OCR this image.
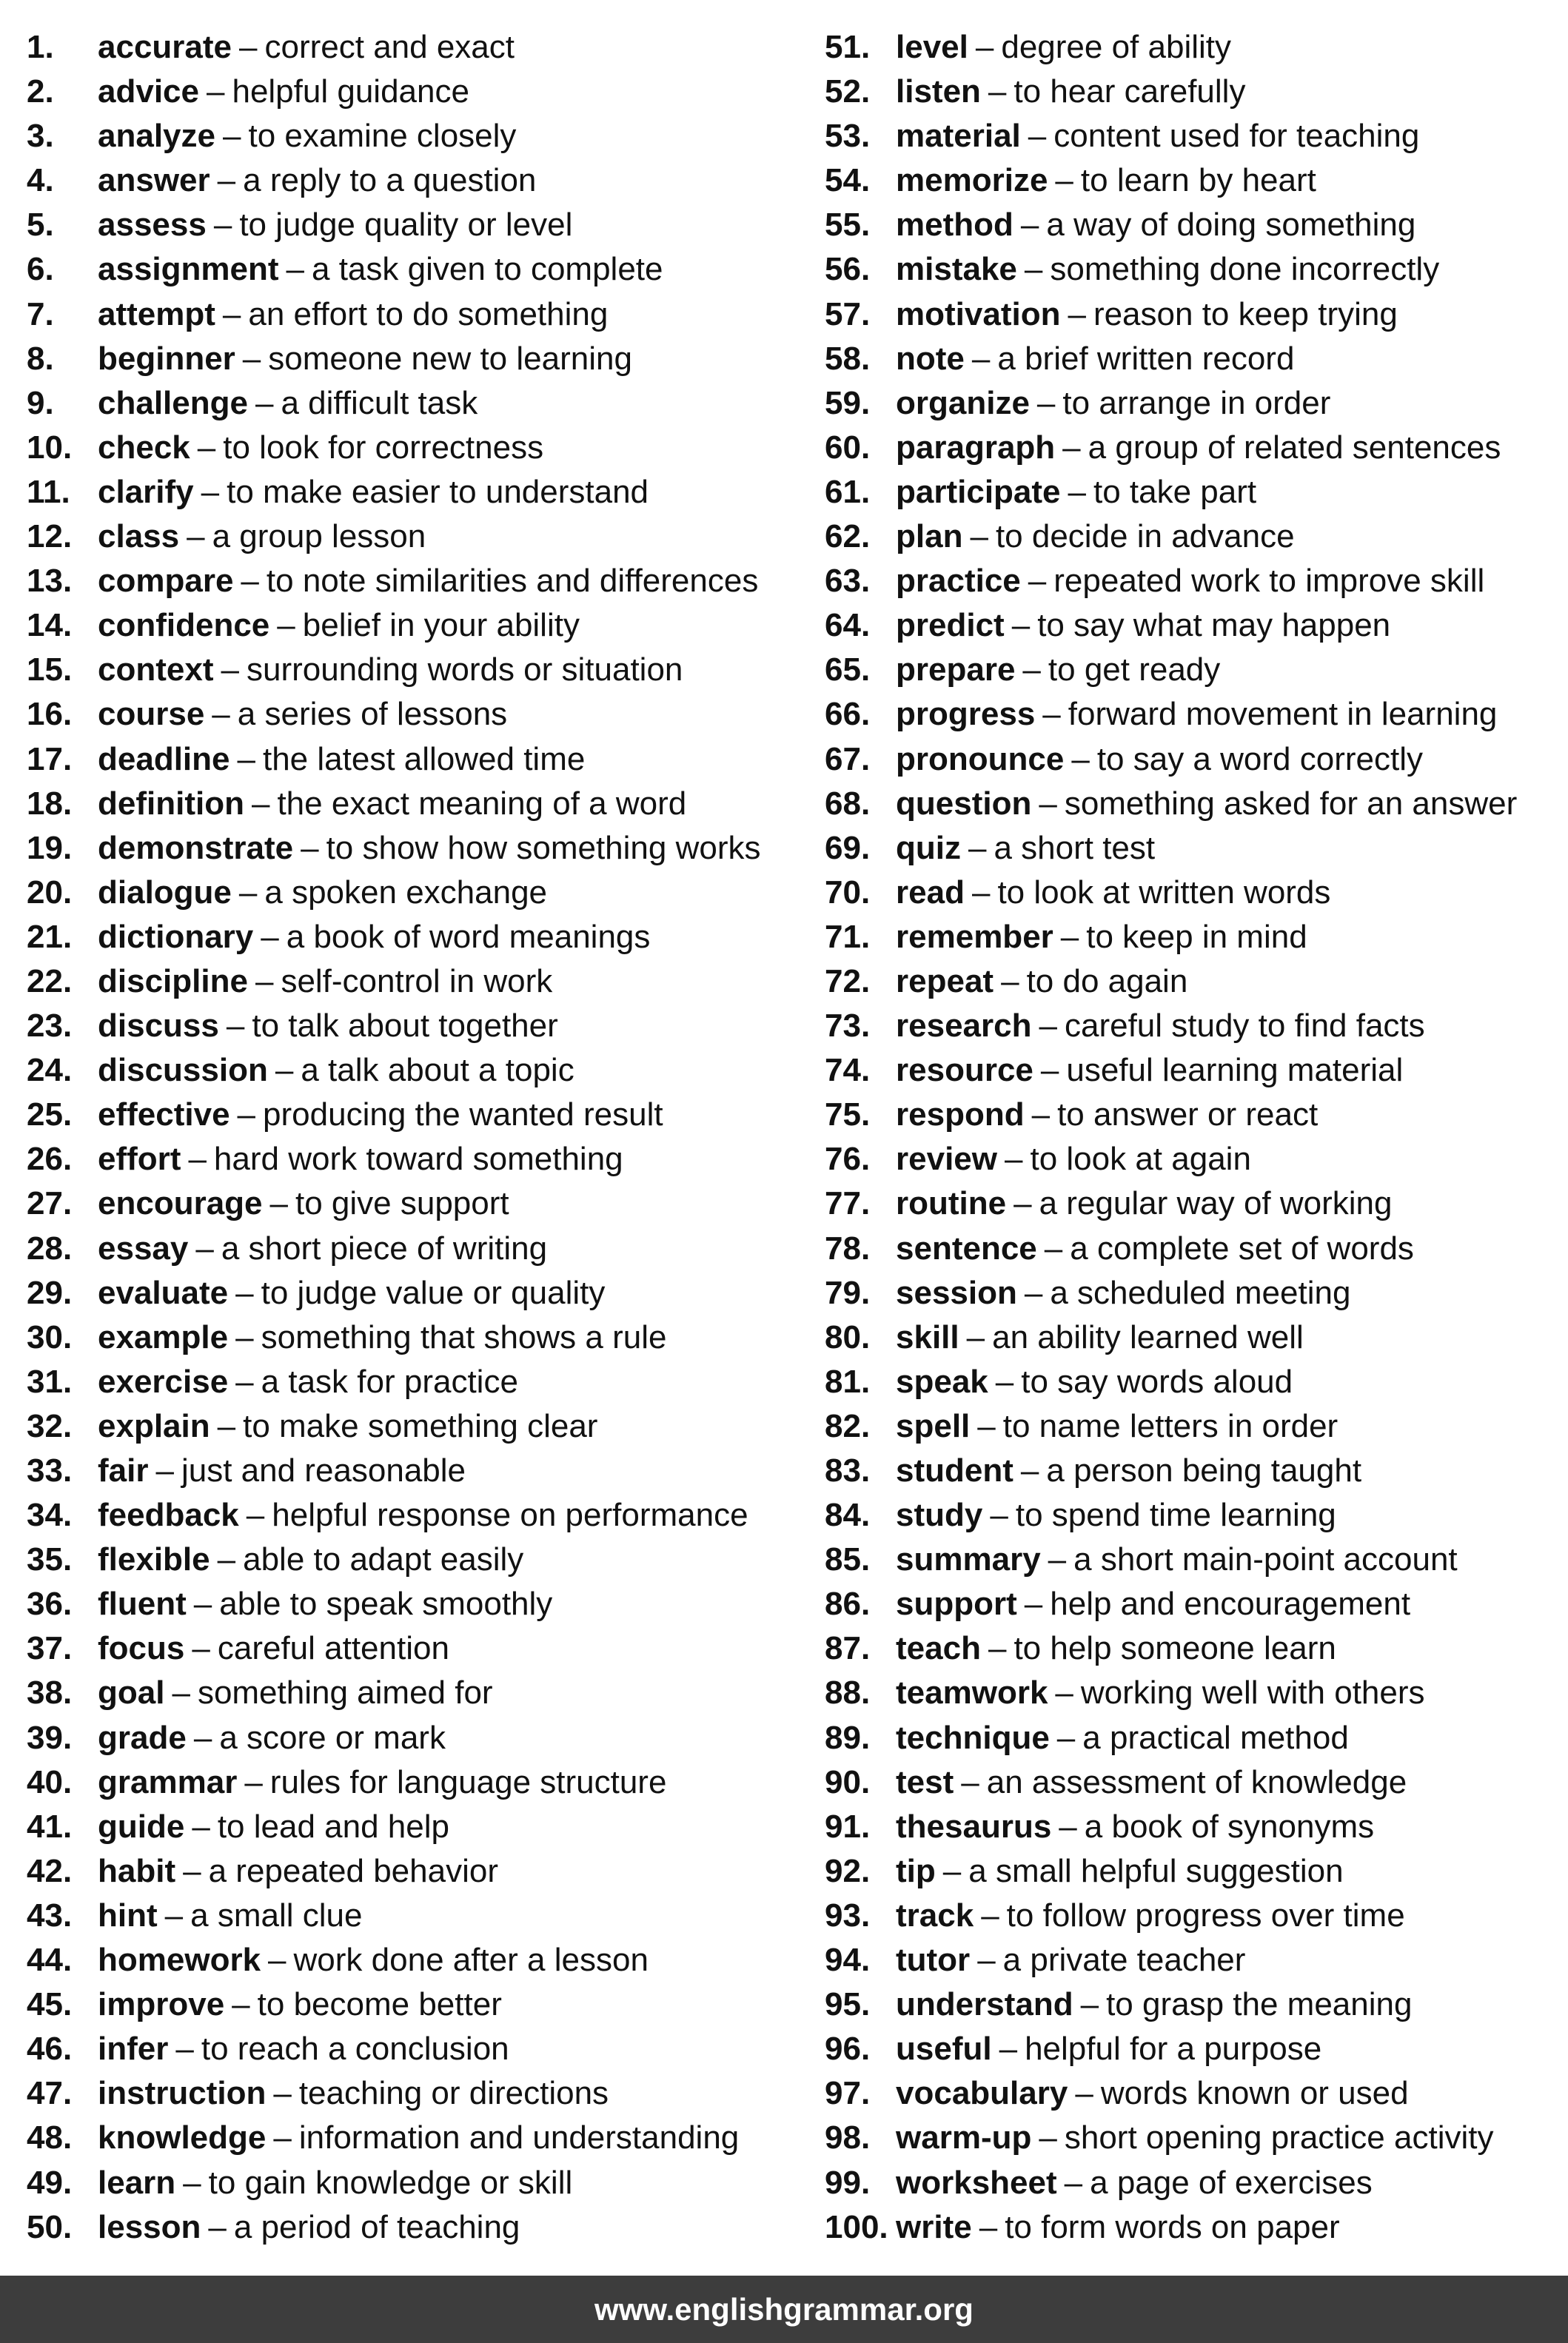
1. accurate – correct and exact
2. advice – helpful guidance
3. analyze – to examine closely
4. answer – a reply to a question
5. assess – to judge quality or level
6. assignment – a task given to complete
7. attempt – an effort to do something
8. beginner – someone new to learning
9. challenge – a difficult task
10. check – to look for correctness
11. clarify – to make easier to understand
12. class – a group lesson
13. compare – to note similarities and differences
14. confidence – belief in your ability
15. context – surrounding words or situation
16. course – a series of lessons
17. deadline – the latest allowed time
18. definition – the exact meaning of a word
19. demonstrate – to show how something works
20. dialogue – a spoken exchange
21. dictionary – a book of word meanings
22. discipline – self-control in work
23. discuss – to talk about together
24. discussion – a talk about a topic
25. effective – producing the wanted result
26. effort – hard work toward something
27. encourage – to give support
28. essay – a short piece of writing
29. evaluate – to judge value or quality
30. example – something that shows a rule
31. exercise – a task for practice
32. explain – to make something clear
33. fair – just and reasonable
34. feedback – helpful response on performance
35. flexible – able to adapt easily
36. fluent – able to speak smoothly
37. focus – careful attention
38. goal – something aimed for
39. grade – a score or mark
40. grammar – rules for language structure
41. guide – to lead and help
42. habit – a repeated behavior
43. hint – a small clue
44. homework – work done after a lesson
45. improve – to become better
46. infer – to reach a conclusion
47. instruction – teaching or directions
48. knowledge – information and understanding
49. learn – to gain knowledge or skill
50. lesson – a period of teaching
51. level – degree of ability
52. listen – to hear carefully
53. material – content used for teaching
54. memorize – to learn by heart
55. method – a way of doing something
56. mistake – something done incorrectly
57. motivation – reason to keep trying
58. note – a brief written record
59. organize – to arrange in order
60. paragraph – a group of related sentences
61. participate – to take part
62. plan – to decide in advance
63. practice – repeated work to improve skill
64. predict – to say what may happen
65. prepare – to get ready
66. progress – forward movement in learning
67. pronounce – to say a word correctly
68. question – something asked for an answer
69. quiz – a short test
70. read – to look at written words
71. remember – to keep in mind
72. repeat – to do again
73. research – careful study to find facts
74. resource – useful learning material
75. respond – to answer or react
76. review – to look at again
77. routine – a regular way of working
78. sentence – a complete set of words
79. session – a scheduled meeting
80. skill – an ability learned well
81. speak – to say words aloud
82. spell – to name letters in order
83. student – a person being taught
84. study – to spend time learning
85. summary – a short main-point account
86. support – help and encouragement
87. teach – to help someone learn
88. teamwork – working well with others
89. technique – a practical method
90. test – an assessment of knowledge
91. thesaurus – a book of synonyms
92. tip – a small helpful suggestion
93. track – to follow progress over time
94. tutor – a private teacher
95. understand – to grasp the meaning
96. useful – helpful for a purpose
97. vocabulary – words known or used
98. warm-up – short opening practice activity
99. worksheet – a page of exercises
100. write – to form words on paper
www.englishgrammar.org
